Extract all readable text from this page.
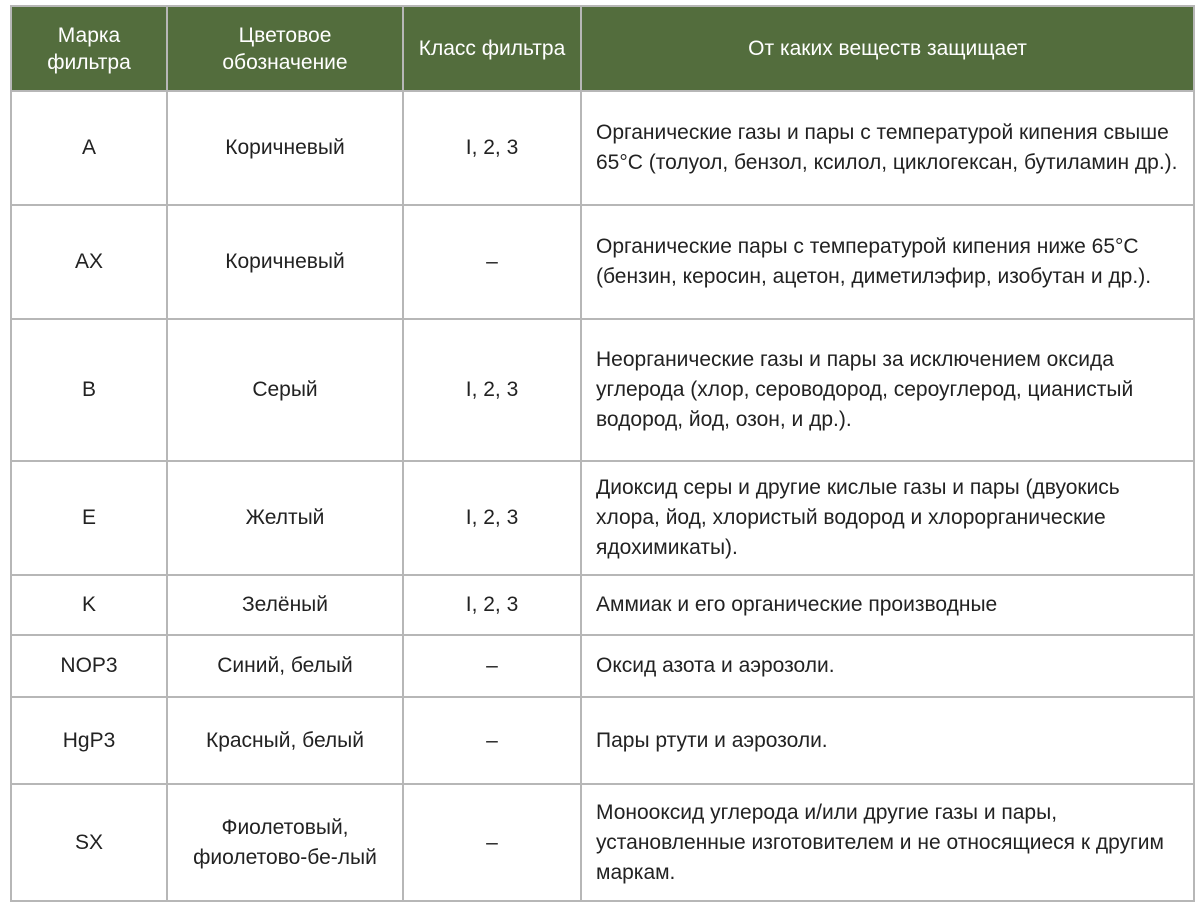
Марка фильтра	Цветовое обозначение	Класс фильтра	От каких веществ защищает
A	Коричневый	I, 2, 3	Органические газы и пары с температурой кипения свыше 65°С (толуол, бензол, ксилол, циклогексан, бутиламин др.).
AX	Коричневый	–	Органические пары с температурой кипения ниже 65°С (бензин, керосин, ацетон, диметилэфир, изобутан и др.).
B	Серый	I, 2, 3	Неорганические газы и пары за исключением оксида углерода (хлор, сероводород, сероуглерод, цианистый водород, йод, озон, и др.).
E	Желтый	I, 2, 3	Диоксид серы и другие кислые газы и пары (двуокись хлора, йод, хлористый водород и хлорорганические ядохимикаты).
K	Зелёный	I, 2, 3	Аммиак и его органические производные
NOP3	Синий, белый	–	Оксид азота и аэрозоли.
HgP3	Красный, белый	–	Пары ртути и аэрозоли.
SX	Фиолетовый, фиолетово-бе-лый	–	Монооксид углерода и/или другие газы и пары, установленные изготовителем и не относящиеся к другим маркам.
